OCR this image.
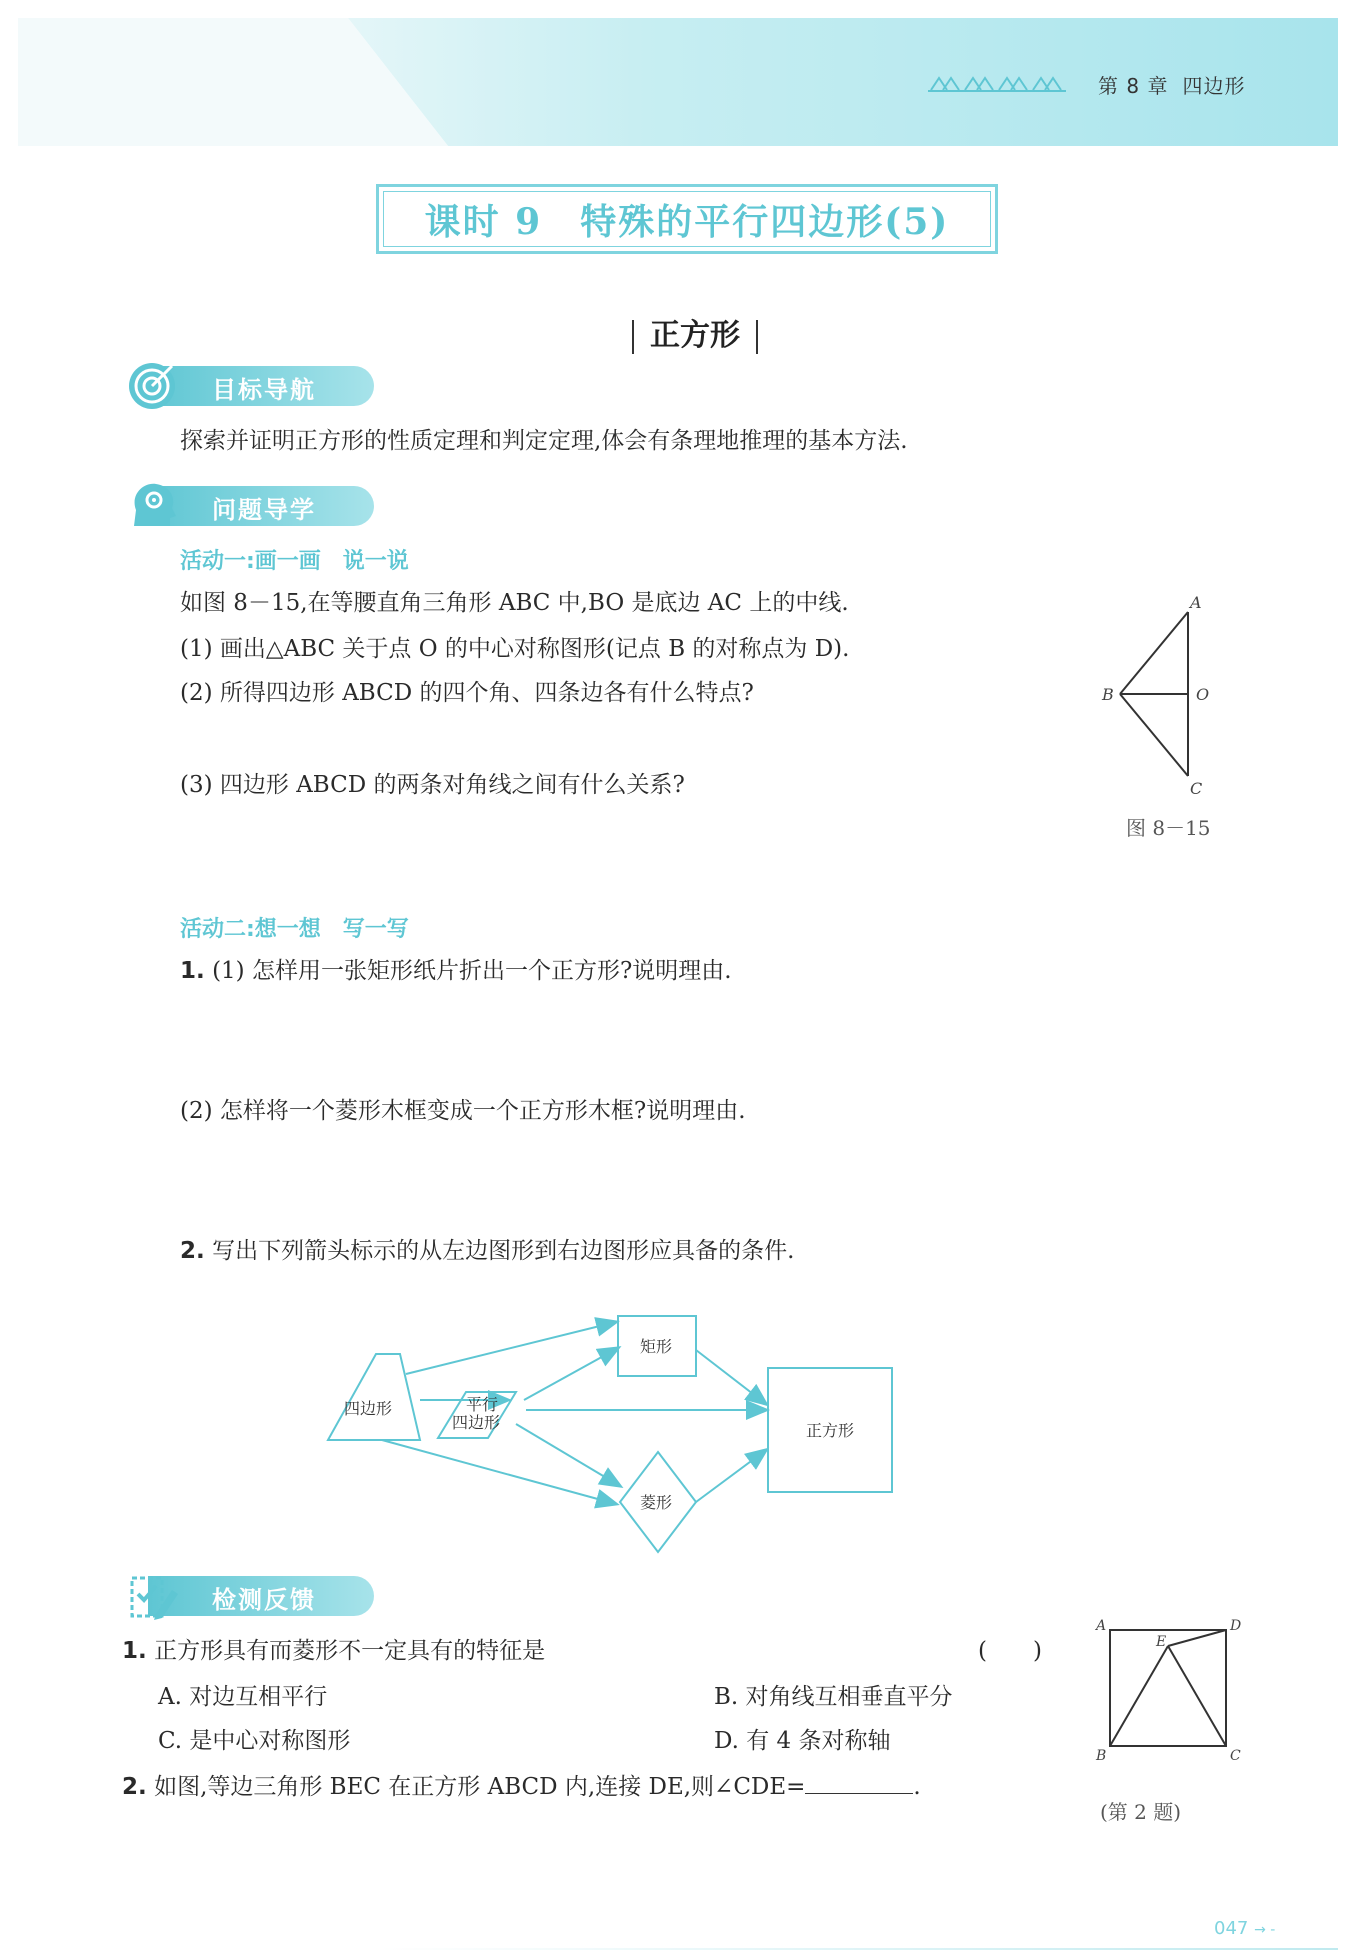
第 8 章 四边形
课时 9　特殊的平行四边形(5)
正方形
目标导航
探索并证明正方形的性质定理和判定定理,体会有条理地推理的基本方法.
问题导学
活动一:画一画　说一说
如图 8－15,在等腰直角三角形 ABC 中,BO 是底边 AC 上的中线.
(1) 画出△ABC 关于点 O 的中心对称图形(记点 B 的对称点为 D).
(2) 所得四边形 ABCD 的四个角、四条边各有什么特点?
(3) 四边形 ABCD 的两条对角线之间有什么关系?
A
B	O
C
图 8－15
活动二:想一想　写一写
1. (1) 怎样用一张矩形纸片折出一个正方形?说明理由.
(2) 怎样将一个菱形木框变成一个正方形木框?说明理由.
2. 写出下列箭头标示的从左边图形到右边图形应具备的条件.
四边形	平行
四边形
矩形
菱形
正方形
检测反馈
1. 正方形具有而菱形不一定具有的特征是	(　　)
A. 对边互相平行	B. 对角线互相垂直平分
C. 是中心对称图形	D. 有 4 条对称轴
2. 如图,等边三角形 BEC 在正方形 ABCD 内,连接 DE,则∠CDE=	.
A	D
E
B	C
(第 2 题)
047 → -
